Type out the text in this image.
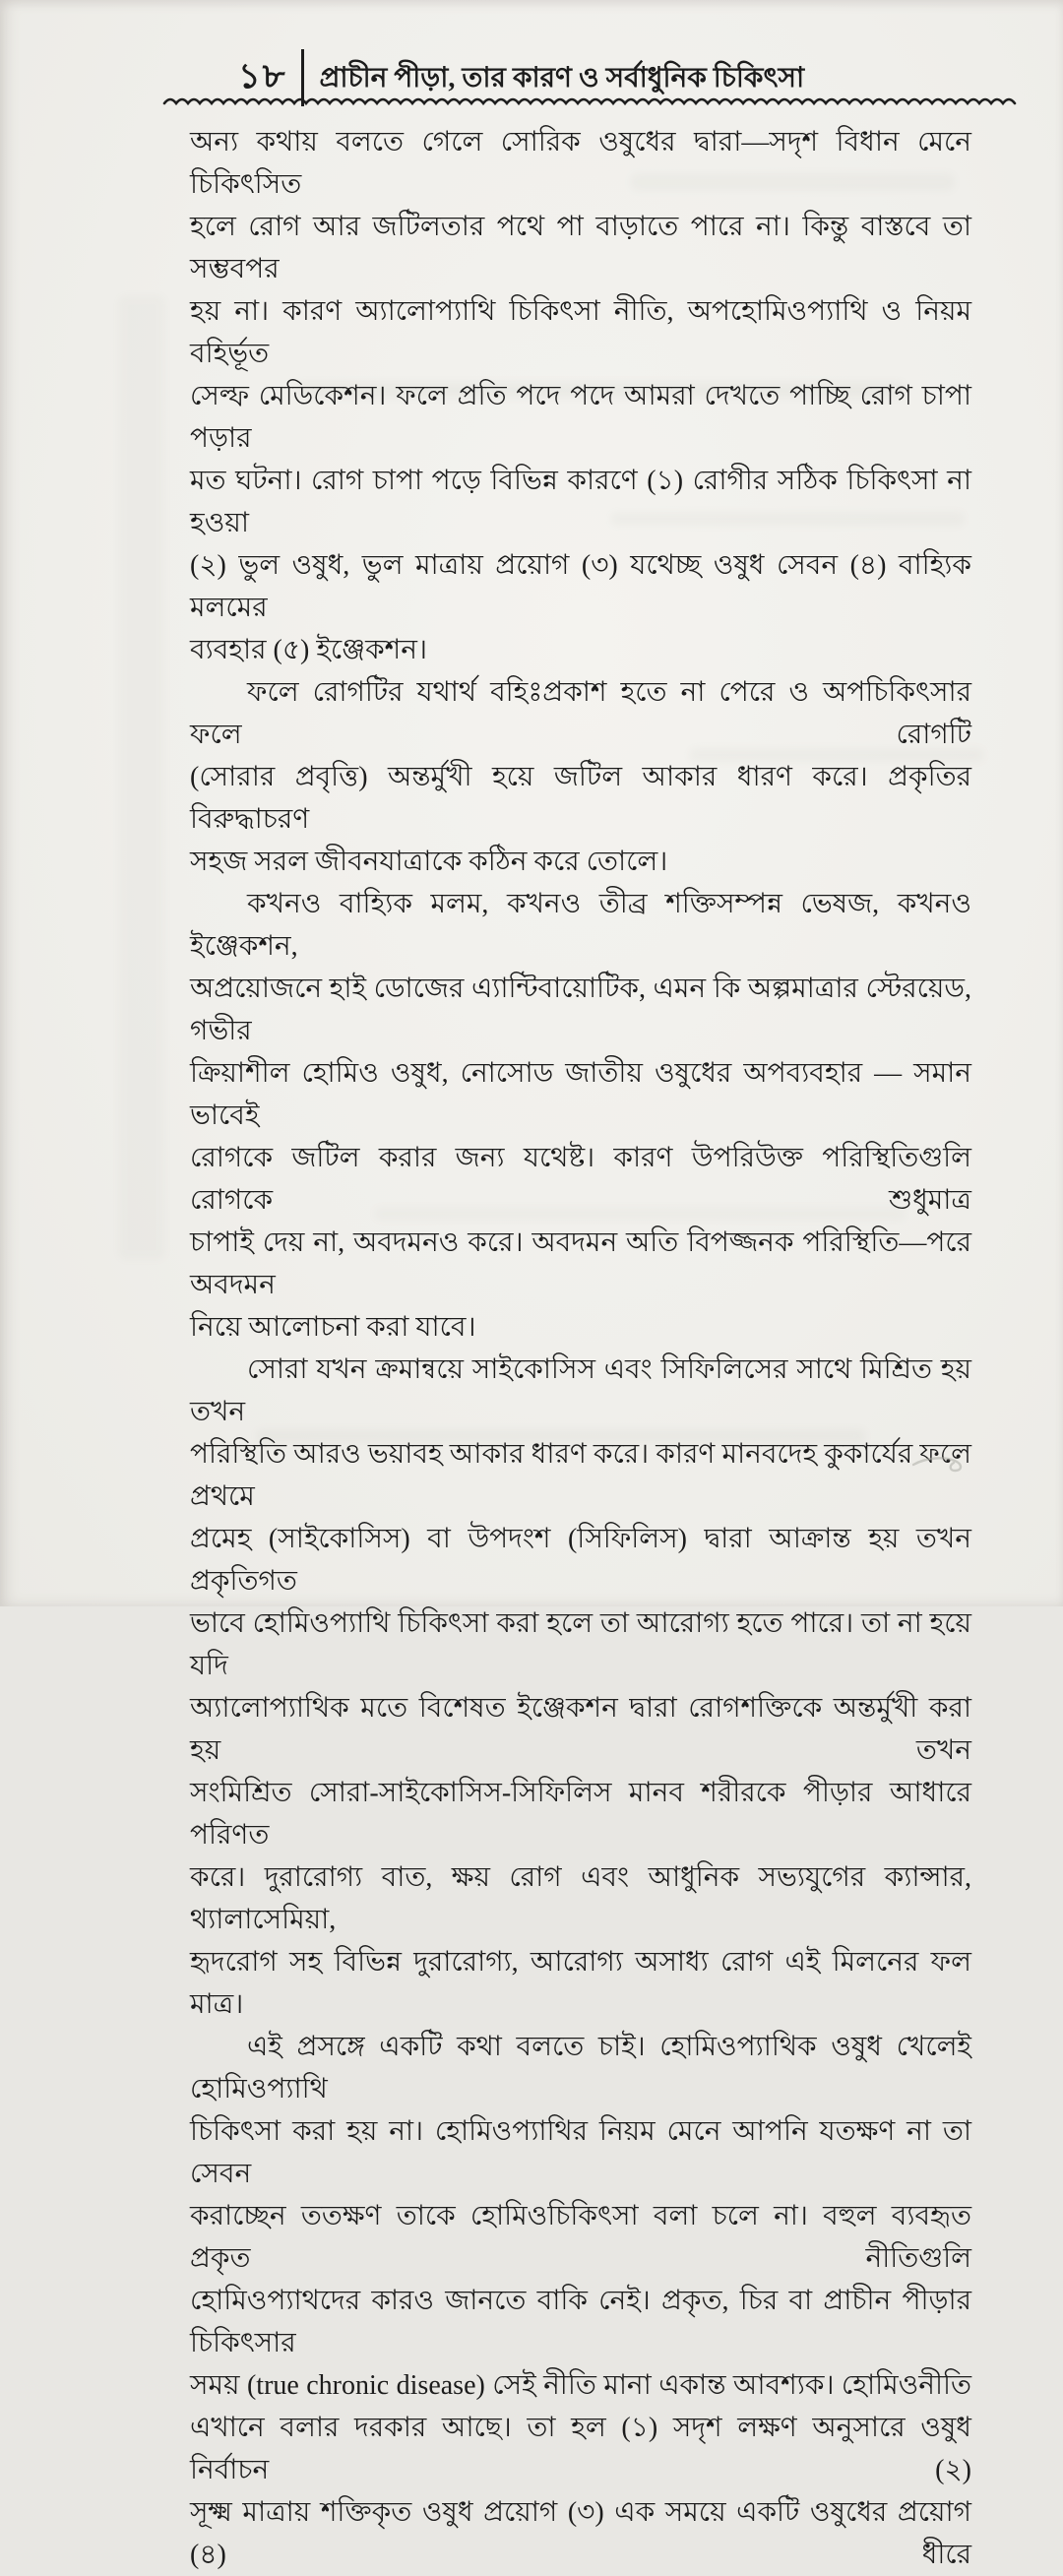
১৮ প্রাচীন পীড়া, তার কারণ ও সর্বাধুনিক চিকিৎসা
অন্য কথায় বলতে গেলে সোরিক ওষুধের দ্বারা—সদৃশ বিধান মেনে চিকিৎসিত
হলে রোগ আর জটিলতার পথে পা বাড়াতে পারে না। কিন্তু বাস্তবে তা সম্ভবপর
হয় না। কারণ অ্যালোপ্যাথি চিকিৎসা নীতি, অপহোমিওপ্যাথি ও নিয়ম বহির্ভূত
সেল্ফ মেডিকেশন। ফলে প্রতি পদে পদে আমরা দেখতে পাচ্ছি রোগ চাপা পড়ার
মত ঘটনা। রোগ চাপা পড়ে বিভিন্ন কারণে (১) রোগীর সঠিক চিকিৎসা না হওয়া
(২) ভুল ওষুধ, ভুল মাত্রায় প্রয়োগ (৩) যথেচ্ছ ওষুধ সেবন (৪) বাহ্যিক মলমের
ব্যবহার (৫) ইঞ্জেকশন।
ফলে রোগটির যথার্থ বহিঃপ্রকাশ হতে না পেরে ও অপচিকিৎসার ফলে রোগটি
(সোরার প্রবৃত্তি) অন্তর্মুখী হয়ে জটিল আকার ধারণ করে। প্রকৃতির বিরুদ্ধাচরণ
সহজ সরল জীবনযাত্রাকে কঠিন করে তোলে।
কখনও বাহ্যিক মলম, কখনও তীব্র শক্তিসম্পন্ন ভেষজ, কখনও ইঞ্জেকশন,
অপ্রয়োজনে হাই ডোজের এ্যান্টিবায়োটিক, এমন কি অল্পমাত্রার স্টেরয়েড, গভীর
ক্রিয়াশীল হোমিও ওষুধ, নোসোড জাতীয় ওষুধের অপব্যবহার — সমান ভাবেই
রোগকে জটিল করার জন্য যথেষ্ট। কারণ উপরিউক্ত পরিস্থিতিগুলি রোগকে শুধুমাত্র
চাপাই দেয় না, অবদমনও করে। অবদমন অতি বিপজ্জনক পরিস্থিতি—পরে অবদমন
নিয়ে আলোচনা করা যাবে।
সোরা যখন ক্রমান্বয়ে সাইকোসিস এবং সিফিলিসের সাথে মিশ্রিত হয় তখন
পরিস্থিতি আরও ভয়াবহ আকার ধারণ করে। কারণ মানবদেহ কুকার্যের ফলে প্রথমে
প্রমেহ (সাইকোসিস) বা উপদংশ (সিফিলিস) দ্বারা আক্রান্ত হয় তখন প্রকৃতিগত
ভাবে হোমিওপ্যাথি চিকিৎসা করা হলে তা আরোগ্য হতে পারে। তা না হয়ে যদি
অ্যালোপ্যাথিক মতে বিশেষত ইঞ্জেকশন দ্বারা রোগশক্তিকে অন্তর্মুখী করা হয় তখন
সংমিশ্রিত সোরা-সাইকোসিস-সিফিলিস মানব শরীরকে পীড়ার আধারে পরিণত
করে। দুরারোগ্য বাত, ক্ষয় রোগ এবং আধুনিক সভ্যযুগের ক্যান্সার, থ্যালাসেমিয়া,
হৃদরোগ সহ বিভিন্ন দুরারোগ্য, আরোগ্য অসাধ্য রোগ এই মিলনের ফল মাত্র।
এই প্রসঙ্গে একটি কথা বলতে চাই। হোমিওপ্যাথিক ওষুধ খেলেই হোমিওপ্যাথি
চিকিৎসা করা হয় না। হোমিওপ্যাথির নিয়ম মেনে আপনি যতক্ষণ না তা সেবন
করাচ্ছেন ততক্ষণ তাকে হোমিওচিকিৎসা বলা চলে না। বহুল ব্যবহৃত প্রকৃত নীতিগুলি
হোমিওপ্যাথদের কারও জানতে বাকি নেই। প্রকৃত, চির বা প্রাচীন পীড়ার চিকিৎসার
সময় (true chronic disease) সেই নীতি মানা একান্ত আবশ্যক। হোমিওনীতি
এখানে বলার দরকার আছে। তা হল (১) সদৃশ লক্ষণ অনুসারে ওষুধ নির্বাচন (২)
সূক্ষ্ম মাত্রায় শক্তিকৃত ওষুধ প্রয়োগ (৩) এক সময়ে একটি ওষুধের প্রয়োগ (৪) ধীরে
